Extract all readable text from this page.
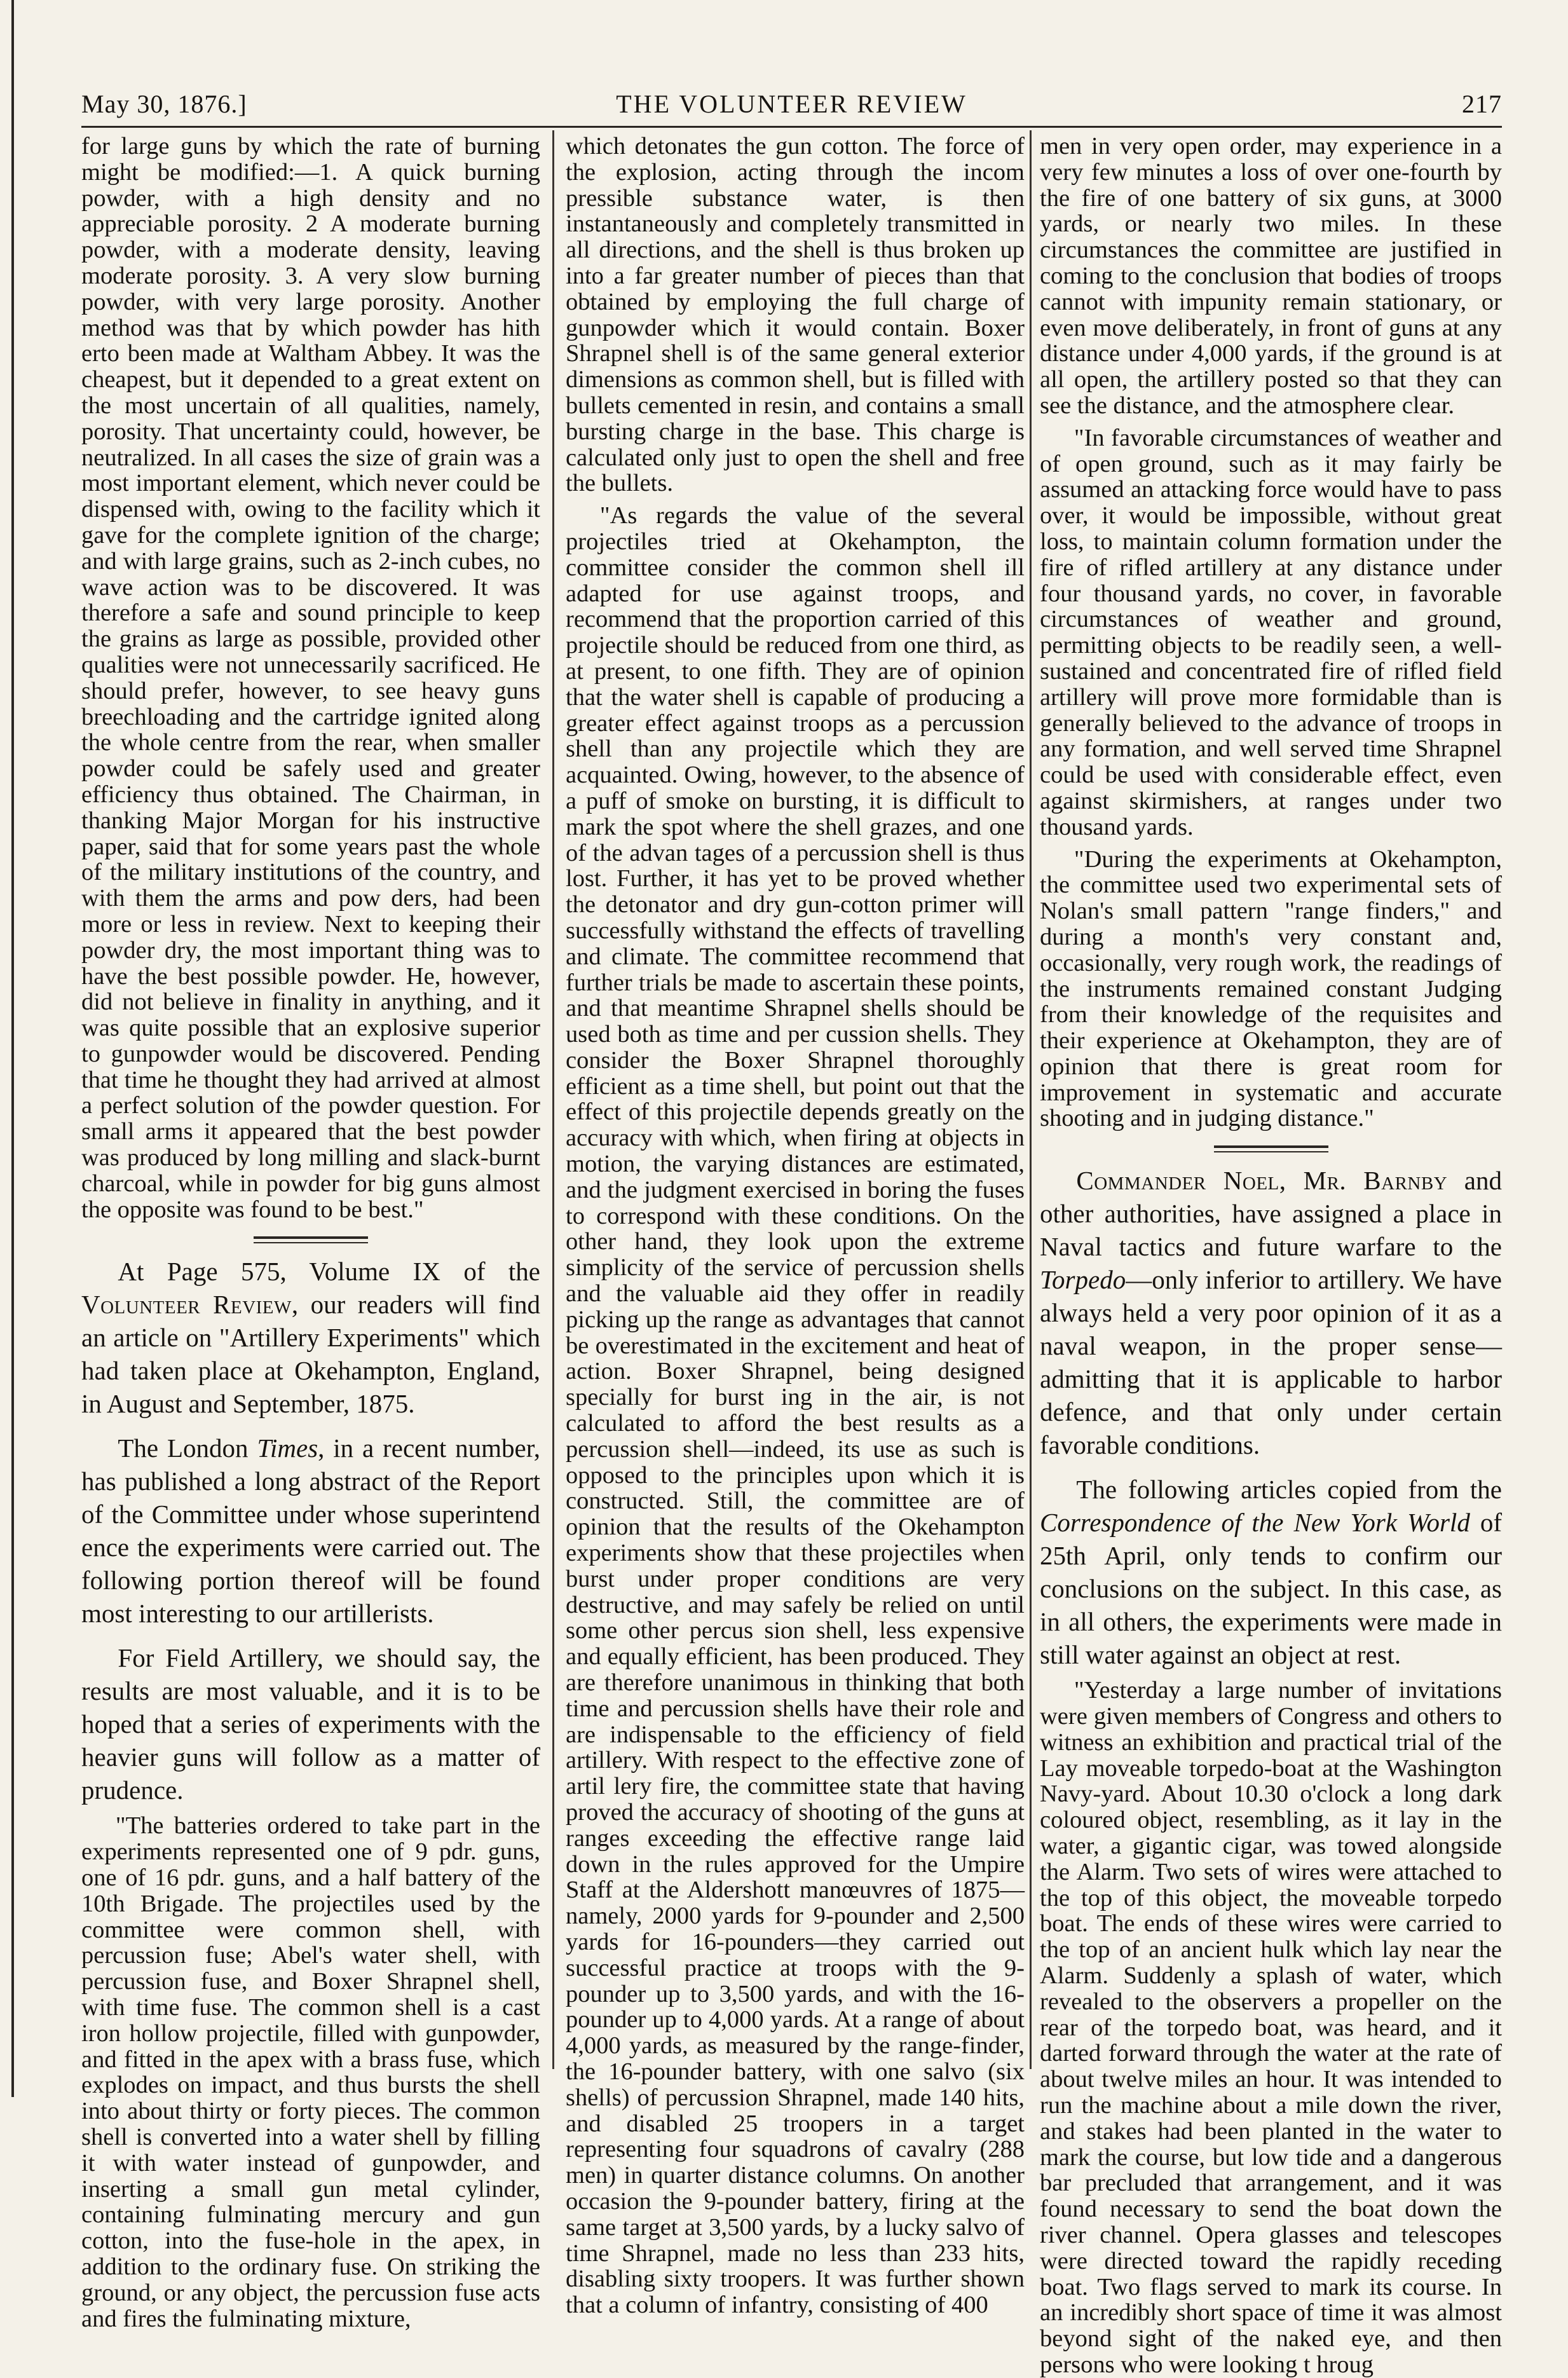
May 30, 1876.]	THE VOLUNTEER REVIEW	217

for large guns by which the rate of burning might be modified:—1. A quick burning powder, with a high density and no appreciable porosity. 2 A moderate burning powder, with a moderate density, leaving moderate porosity. 3. A very slow burning powder, with very large porosity. Another method was that by which powder has hith erto been made at Waltham Abbey. It was the cheapest, but it depended to a great extent on the most uncertain of all qualities, namely, porosity. That uncertainty could, however, be neutralized. In all cases the size of grain was a most important element, which never could be dispensed with, owing to the facility which it gave for the complete ignition of the charge; and with large grains, such as 2-inch cubes, no wave action was to be discovered. It was therefore a safe and sound principle to keep the grains as large as possible, provided other qualities were not unnecessarily sacrificed. He should prefer, however, to see heavy guns breechloading and the cartridge ignited along the whole centre from the rear, when smaller powder could be safely used and greater efficiency thus obtained. The Chairman, in thanking Major Morgan for his instructive paper, said that for some years past the whole of the military institutions of the country, and with them the arms and pow ders, had been more or less in review. Next to keeping their powder dry, the most important thing was to have the best possible powder. He, however, did not believe in finality in anything, and it was quite possible that an explosive superior to gunpowder would be discovered. Pending that time he thought they had arrived at almost a perfect solution of the powder question. For small arms it appeared that the best powder was produced by long milling and slack-burnt charcoal, while in powder for big guns almost the opposite was found to be best."

At Page 575, Volume IX of the Volunteer Review, our readers will find an article on "Artillery Experiments" which had taken place at Okehampton, England, in August and September, 1875.

The London Times, in a recent number, has published a long abstract of the Report of the Committee under whose superintend ence the experiments were carried out. The following portion thereof will be found most interesting to our artillerists.

For Field Artillery, we should say, the results are most valuable, and it is to be hoped that a series of experiments with the heavier guns will follow as a matter of prudence.

"The batteries ordered to take part in the experiments represented one of 9 pdr. guns, one of 16 pdr. guns, and a half battery of the 10th Brigade. The projectiles used by the committee were common shell, with percussion fuse; Abel's water shell, with percussion fuse, and Boxer Shrapnel shell, with time fuse. The common shell is a cast iron hollow projectile, filled with gunpowder, and fitted in the apex with a brass fuse, which explodes on impact, and thus bursts the shell into about thirty or forty pieces. The common shell is converted into a water shell by filling it with water instead of gunpowder, and inserting a small gun metal cylinder, containing fulminating mercury and gun cotton, into the fuse-hole in the apex, in addition to the ordinary fuse. On striking the ground, or any object, the percussion fuse acts and fires the fulminating mixture,

which detonates the gun cotton. The force of the explosion, acting through the incom pressible substance water, is then instantaneously and completely transmitted in all directions, and the shell is thus broken up into a far greater number of pieces than that obtained by employing the full charge of gunpowder which it would contain. Boxer Shrapnel shell is of the same general exterior dimensions as common shell, but is filled with bullets cemented in resin, and contains a small bursting charge in the base. This charge is calculated only just to open the shell and free the bullets.

"As regards the value of the several projectiles tried at Okehampton, the committee consider the common shell ill adapted for use against troops, and recommend that the proportion carried of this projectile should be reduced from one third, as at present, to one fifth. They are of opinion that the water shell is capable of producing a greater effect against troops as a percussion shell than any projectile which they are acquainted. Owing, however, to the absence of a puff of smoke on bursting, it is difficult to mark the spot where the shell grazes, and one of the advan tages of a percussion shell is thus lost. Further, it has yet to be proved whether the detonator and dry gun-cotton primer will successfully withstand the effects of travelling and climate. The committee recommend that further trials be made to ascertain these points, and that meantime Shrapnel shells should be used both as time and per cussion shells. They consider the Boxer Shrapnel thoroughly efficient as a time shell, but point out that the effect of this projectile depends greatly on the accuracy with which, when firing at objects in motion, the varying distances are estimated, and the judgment exercised in boring the fuses to correspond with these conditions. On the other hand, they look upon the extreme simplicity of the service of percussion shells and the valuable aid they offer in readily picking up the range as advantages that cannot be overestimated in the excitement and heat of action. Boxer Shrapnel, being designed specially for burst ing in the air, is not calculated to afford the best results as a percussion shell—indeed, its use as such is opposed to the principles upon which it is constructed. Still, the committee are of opinion that the results of the Okehampton experiments show that these projectiles when burst under proper conditions are very destructive, and may safely be relied on until some other percus sion shell, less expensive and equally efficient, has been produced. They are therefore unanimous in thinking that both time and percussion shells have their role and are indispensable to the efficiency of field artillery. With respect to the effective zone of artil lery fire, the committee state that having proved the accuracy of shooting of the guns at ranges exceeding the effective range laid down in the rules approved for the Umpire Staff at the Aldershott manœuvres of 1875—namely, 2000 yards for 9-pounder and 2,500 yards for 16-pounders—they carried out successful practice at troops with the 9-pounder up to 3,500 yards, and with the 16-pounder up to 4,000 yards. At a range of about 4,000 yards, as measured by the range-finder, the 16-pounder battery, with one salvo (six shells) of percussion Shrapnel, made 140 hits, and disabled 25 troopers in a target representing four squadrons of cavalry (288 men) in quarter distance columns. On another occasion the 9-pounder battery, firing at the same target at 3,500 yards, by a lucky salvo of time Shrapnel, made no less than 233 hits, disabling sixty troopers. It was further shown that a column of infantry, consisting of 400

men in very open order, may experience in a very few minutes a loss of over one-fourth by the fire of one battery of six guns, at 3000 yards, or nearly two miles. In these circumstances the committee are justified in coming to the conclusion that bodies of troops cannot with impunity remain stationary, or even move deliberately, in front of guns at any distance under 4,000 yards, if the ground is at all open, the artillery posted so that they can see the distance, and the atmosphere clear.

"In favorable circumstances of weather and of open ground, such as it may fairly be assumed an attacking force would have to pass over, it would be impossible, without great loss, to maintain column formation under the fire of rifled artillery at any distance under four thousand yards, no cover, in favorable circumstances of weather and ground, permitting objects to be readily seen, a well-sustained and concentrated fire of rifled field artillery will prove more formidable than is generally believed to the advance of troops in any formation, and well served time Shrapnel could be used with considerable effect, even against skirmishers, at ranges under two thousand yards.

"During the experiments at Okehampton, the committee used two experimental sets of Nolan's small pattern "range finders," and during a month's very constant and, occasionally, very rough work, the readings of the instruments remained constant Judging from their knowledge of the requisites and their experience at Okehampton, they are of opinion that there is great room for improvement in systematic and accurate shooting and in judging distance."

Commander Noel, Mr. Barnby and other authorities, have assigned a place in Naval tactics and future warfare to the Torpedo—only inferior to artillery. We have always held a very poor opinion of it as a naval weapon, in the proper sense—admitting that it is applicable to harbor defence, and that only under certain favorable conditions.

The following articles copied from the Correspondence of the New York World of 25th April, only tends to confirm our conclusions on the subject. In this case, as in all others, the experiments were made in still water against an object at rest.

"Yesterday a large number of invitations were given members of Congress and others to witness an exhibition and practical trial of the Lay moveable torpedo-boat at the Washington Navy-yard. About 10.30 o'clock a long dark coloured object, resembling, as it lay in the water, a gigantic cigar, was towed alongside the Alarm. Two sets of wires were attached to the top of this object, the moveable torpedo boat. The ends of these wires were carried to the top of an ancient hulk which lay near the Alarm. Suddenly a splash of water, which revealed to the observers a propeller on the rear of the torpedo boat, was heard, and it darted forward through the water at the rate of about twelve miles an hour. It was intended to run the machine about a mile down the river, and stakes had been planted in the water to mark the course, but low tide and a dangerous bar precluded that arrangement, and it was found necessary to send the boat down the river channel. Opera glasses and telescopes were directed toward the rapidly receding boat. Two flags served to mark its course. In an incredibly short space of time it was almost beyond sight of the naked eye, and then persons who were looking t hroug
